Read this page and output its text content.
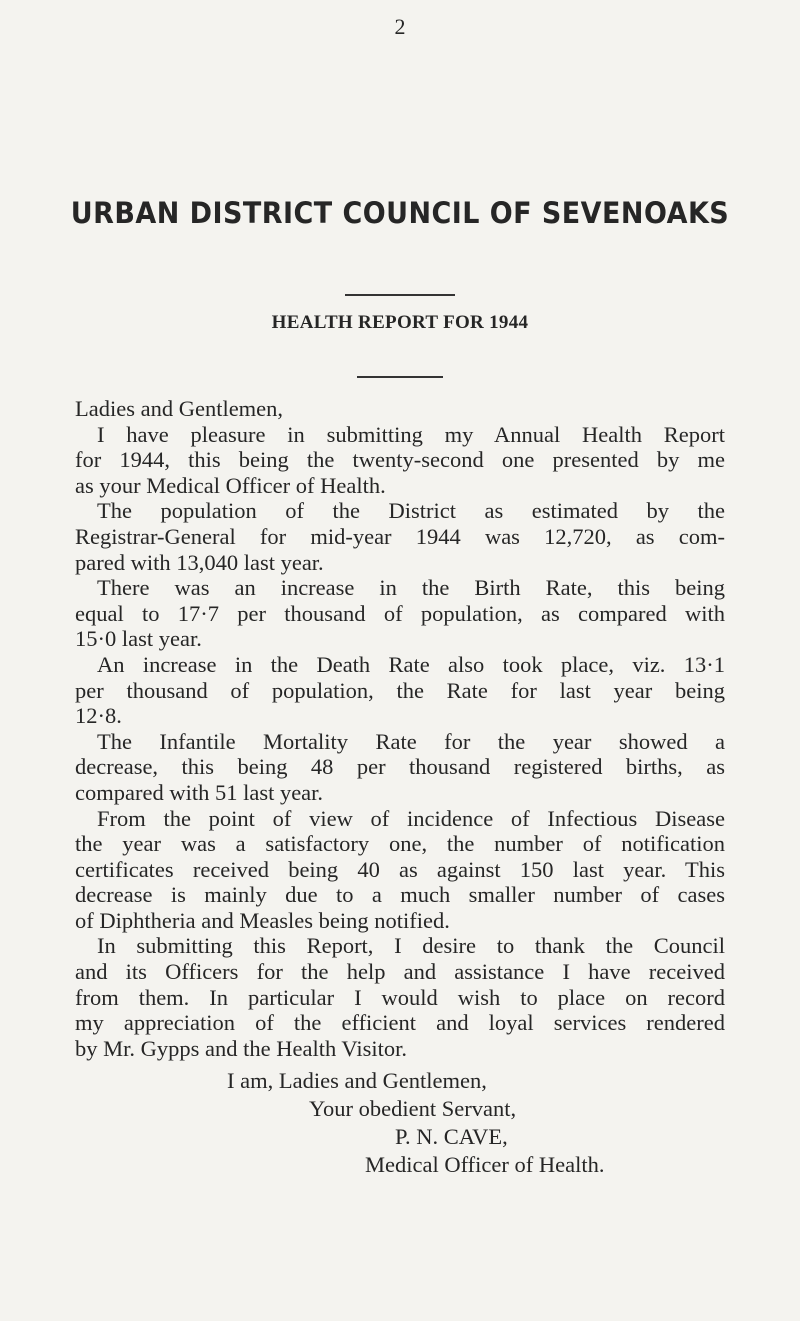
2
URBAN DISTRICT COUNCIL OF SEVENOAKS
HEALTH REPORT FOR 1944
Ladies and Gentlemen,
I have pleasure in submitting my Annual Health Report
for 1944, this being the twenty-second one presented by me
as your Medical Officer of Health.
The population of the District as estimated by the
Registrar-General for mid-year 1944 was 12,720, as com-
pared with 13,040 last year.
There was an increase in the Birth Rate, this being
equal to 17·7 per thousand of population, as compared with
15·0 last year.
An increase in the Death Rate also took place, viz. 13·1
per thousand of population, the Rate for last year being
12·8.
The Infantile Mortality Rate for the year showed a
decrease, this being 48 per thousand registered births, as
compared with 51 last year.
From the point of view of incidence of Infectious Disease
the year was a satisfactory one, the number of notification
certificates received being 40 as against 150 last year. This
decrease is mainly due to a much smaller number of cases
of Diphtheria and Measles being notified.
In submitting this Report, I desire to thank the Council
and its Officers for the help and assistance I have received
from them. In particular I would wish to place on record
my appreciation of the efficient and loyal services rendered
by Mr. Gypps and the Health Visitor.
I am, Ladies and Gentlemen,
Your obedient Servant,
P. N. CAVE,
Medical Officer of Health.
